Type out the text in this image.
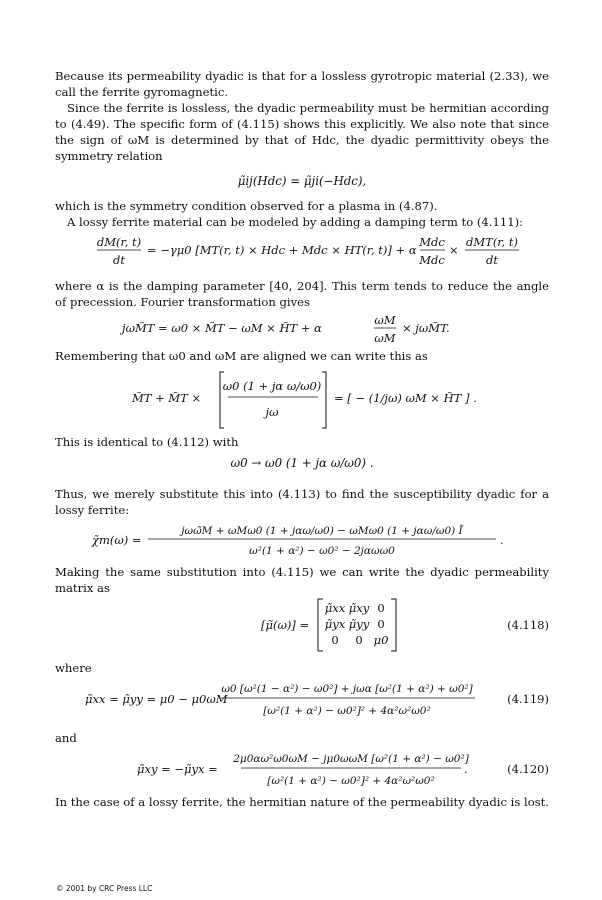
Because its permeability dyadic is that for a lossless gyrotropic material (2.33), we call the ferrite gyromagnetic.

Since the ferrite is lossless, the dyadic permeability must be hermitian according to (4.49). The specific form of (4.115) shows this explicitly. We also note that since the sign of ωM is determined by that of Hdc, the dyadic permittivity obeys the symmetry relation

μ̃ij(Hdc) = μ̃ji(−Hdc),

which is the symmetry condition observed for a plasma in (4.87).

A lossy ferrite material can be modeled by adding a damping term to (4.111):

dM(r, t)
dt
= −γμ0 [MT(r, t) × Hdc + Mdc × HT(r, t)] + α
Mdc
Mdc
×
dMT(r, t)
dt

where α is the damping parameter [40, 204]. This term tends to reduce the angle of precession. Fourier transformation gives

jωM̃T = ω0 × M̃T − ωM × H̃T + α
ωM
ωM
× jωM̃T.

Remembering that ω0 and ωM are aligned we can write this as

M̃T + M̃T ×
ω0 (1 + jα ω/ω0)
jω
= [ − (1/jω) ωM × H̃T ] .

This is identical to (4.112) with

ω0 → ω0 (1 + jα ω/ω0) .

Thus, we merely substitute this into (4.113) to find the susceptibility dyadic for a lossy ferrite:

χ̃m(ω) =
jωω̃M + ωMω0 (1 + jαω/ω0) − ωMω0 (1 + jαω/ω0) Ī
ω²(1 + α²) − ω0² − 2jαωω0
.

Making the same substitution into (4.115) we can write the dyadic permeability matrix as

[μ̃(ω)] =
μ̃xx μ̃xy 0
μ̃yx μ̃yy 0
0 0 μ0
(4.118)

where

μ̃xx = μ̃yy = μ0 − μ0ωM
ω0 [ω²(1 − α²) − ω0²] + jωα [ω²(1 + α²) + ω0²]
[ω²(1 + α²) − ω0²]² + 4α²ω²ω0²
(4.119)

and

μ̃xy = −μ̃yx =
2μ0αω²ω0ωM − jμ0ωωM [ω²(1 + α²) − ω0²]
[ω²(1 + α²) − ω0²]² + 4α²ω²ω0²
.	(4.120)

In the case of a lossy ferrite, the hermitian nature of the permeability dyadic is lost.

© 2001 by CRC Press LLC
